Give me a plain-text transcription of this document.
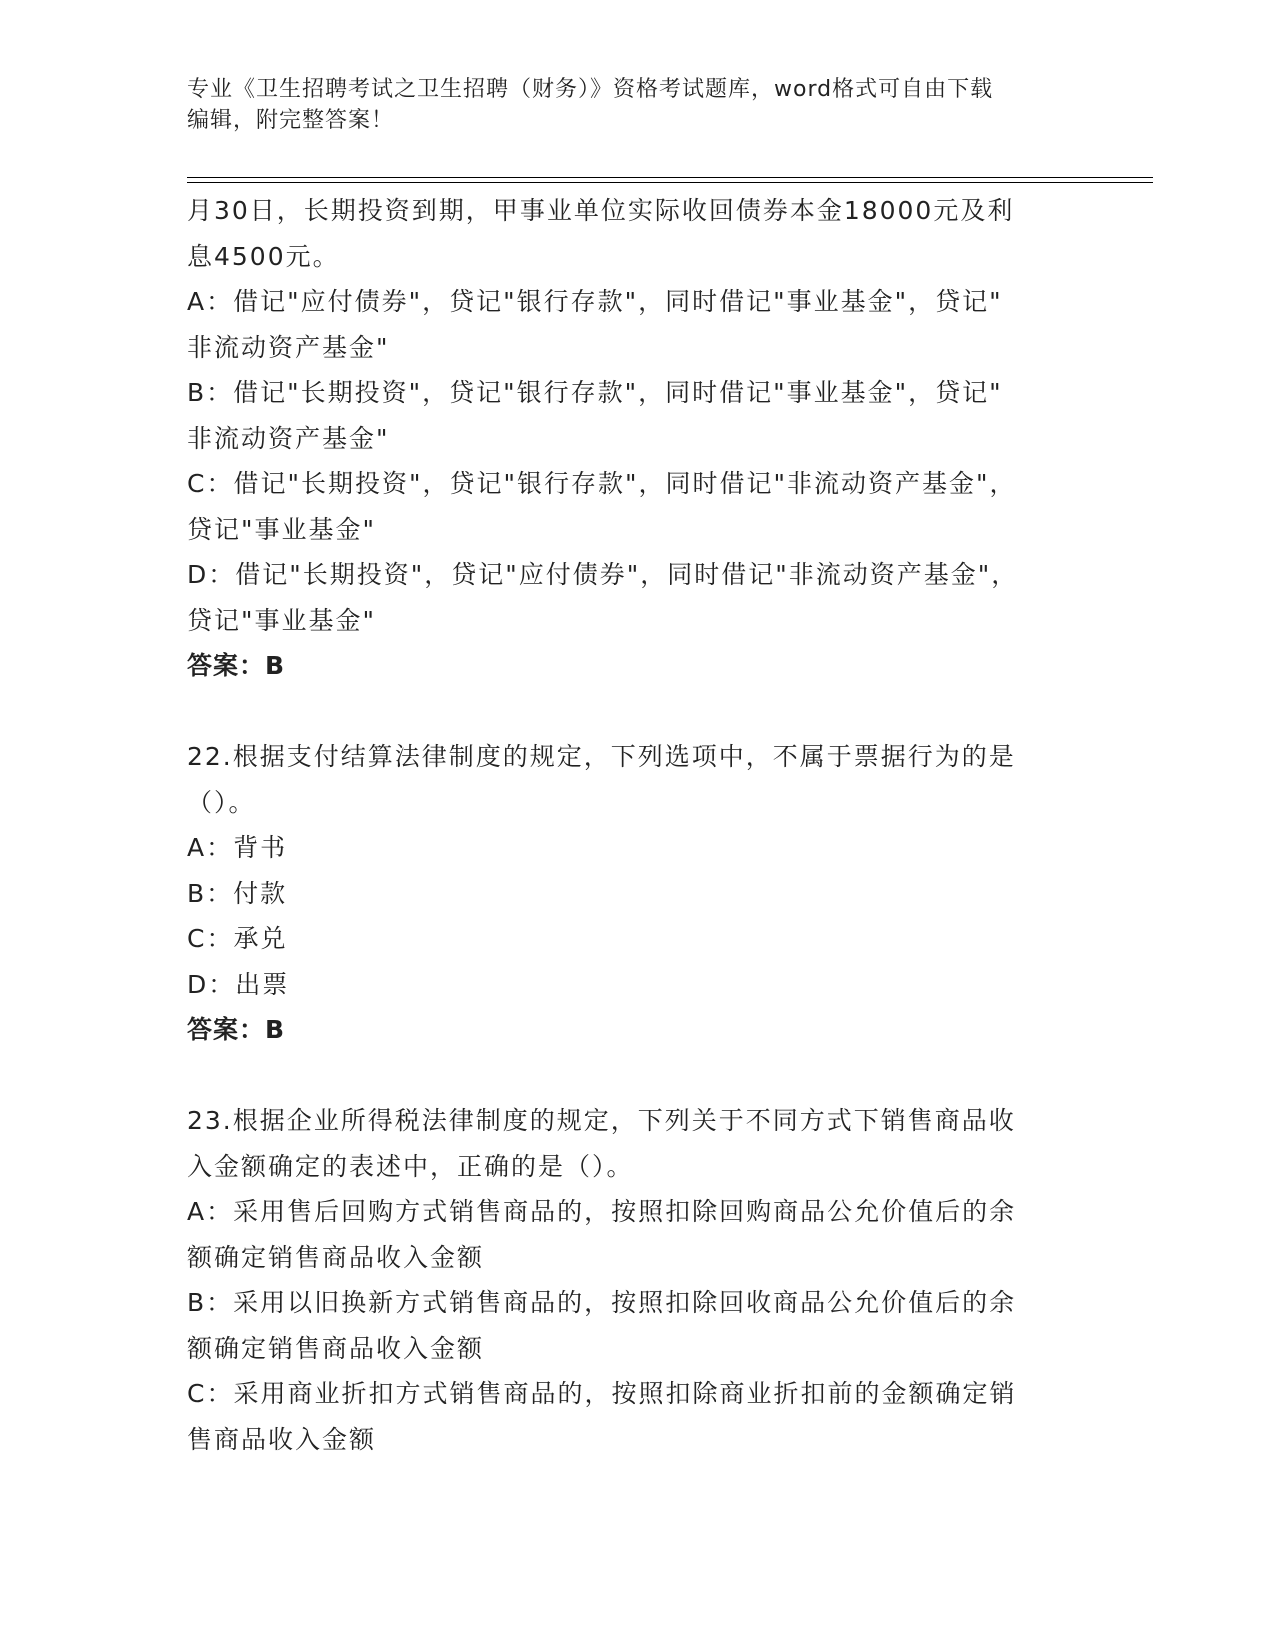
专业《卫生招聘考试之卫生招聘（财务）》资格考试题库，word格式可自由下载
编辑，附完整答案！
月30日，长期投资到期，甲事业单位实际收回债券本金18000元及利
息4500元。
A：借记"应付债券"，贷记"银行存款"，同时借记"事业基金"，贷记"
非流动资产基金"
B：借记"长期投资"，贷记"银行存款"，同时借记"事业基金"，贷记"
非流动资产基金"
C：借记"长期投资"，贷记"银行存款"，同时借记"非流动资产基金"，
贷记"事业基金"
D：借记"长期投资"，贷记"应付债券"，同时借记"非流动资产基金"，
贷记"事业基金"
答案：B
22.根据支付结算法律制度的规定，下列选项中，不属于票据行为的是
（）。
A：背书
B：付款
C：承兑
D：出票
答案：B
23.根据企业所得税法律制度的规定，下列关于不同方式下销售商品收
入金额确定的表述中，正确的是（）。
A：采用售后回购方式销售商品的，按照扣除回购商品公允价值后的余
额确定销售商品收入金额
B：采用以旧换新方式销售商品的，按照扣除回收商品公允价值后的余
额确定销售商品收入金额
C：采用商业折扣方式销售商品的，按照扣除商业折扣前的金额确定销
售商品收入金额
